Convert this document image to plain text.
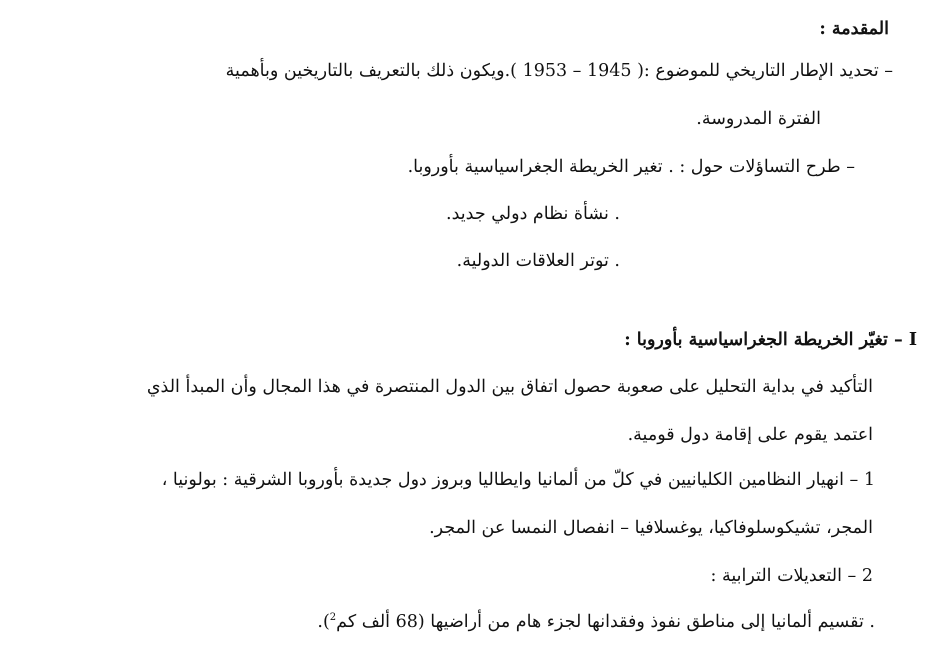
المقدمة :
– تحديد الإطار التاريخي للموضوع :( 1945 – 1953 ).ويكون ذلك بالتعريف بالتاريخين وبأهمية
الفترة المدروسة.
– طرح التساؤلات حول : . تغير الخريطة الجغراسياسية بأوروبا.
. نشأة نظام دولي جديد.
. توتر العلاقات الدولية.
I – تغيّر الخريطة الجغراسياسية بأوروبا :
التأكيد في بداية التحليل على صعوبة حصول اتفاق بين الدول المنتصرة في هذا المجال وأن المبدأ الذي
اعتمد يقوم على إقامة دول قومية.
1 – انهيار النظامين الكليانيين في كلّ من ألمانيا وايطاليا وبروز دول جديدة بأوروبا الشرقية : بولونيا ،
المجر، تشيكوسلوفاكيا، يوغسلافيا – انفصال النمسا عن المجر.
2 – التعديلات الترابية :
. تقسيم ألمانيا إلى مناطق نفوذ وفقدانها لجزء هام من أراضيها (68 ألف كم$^2$).
